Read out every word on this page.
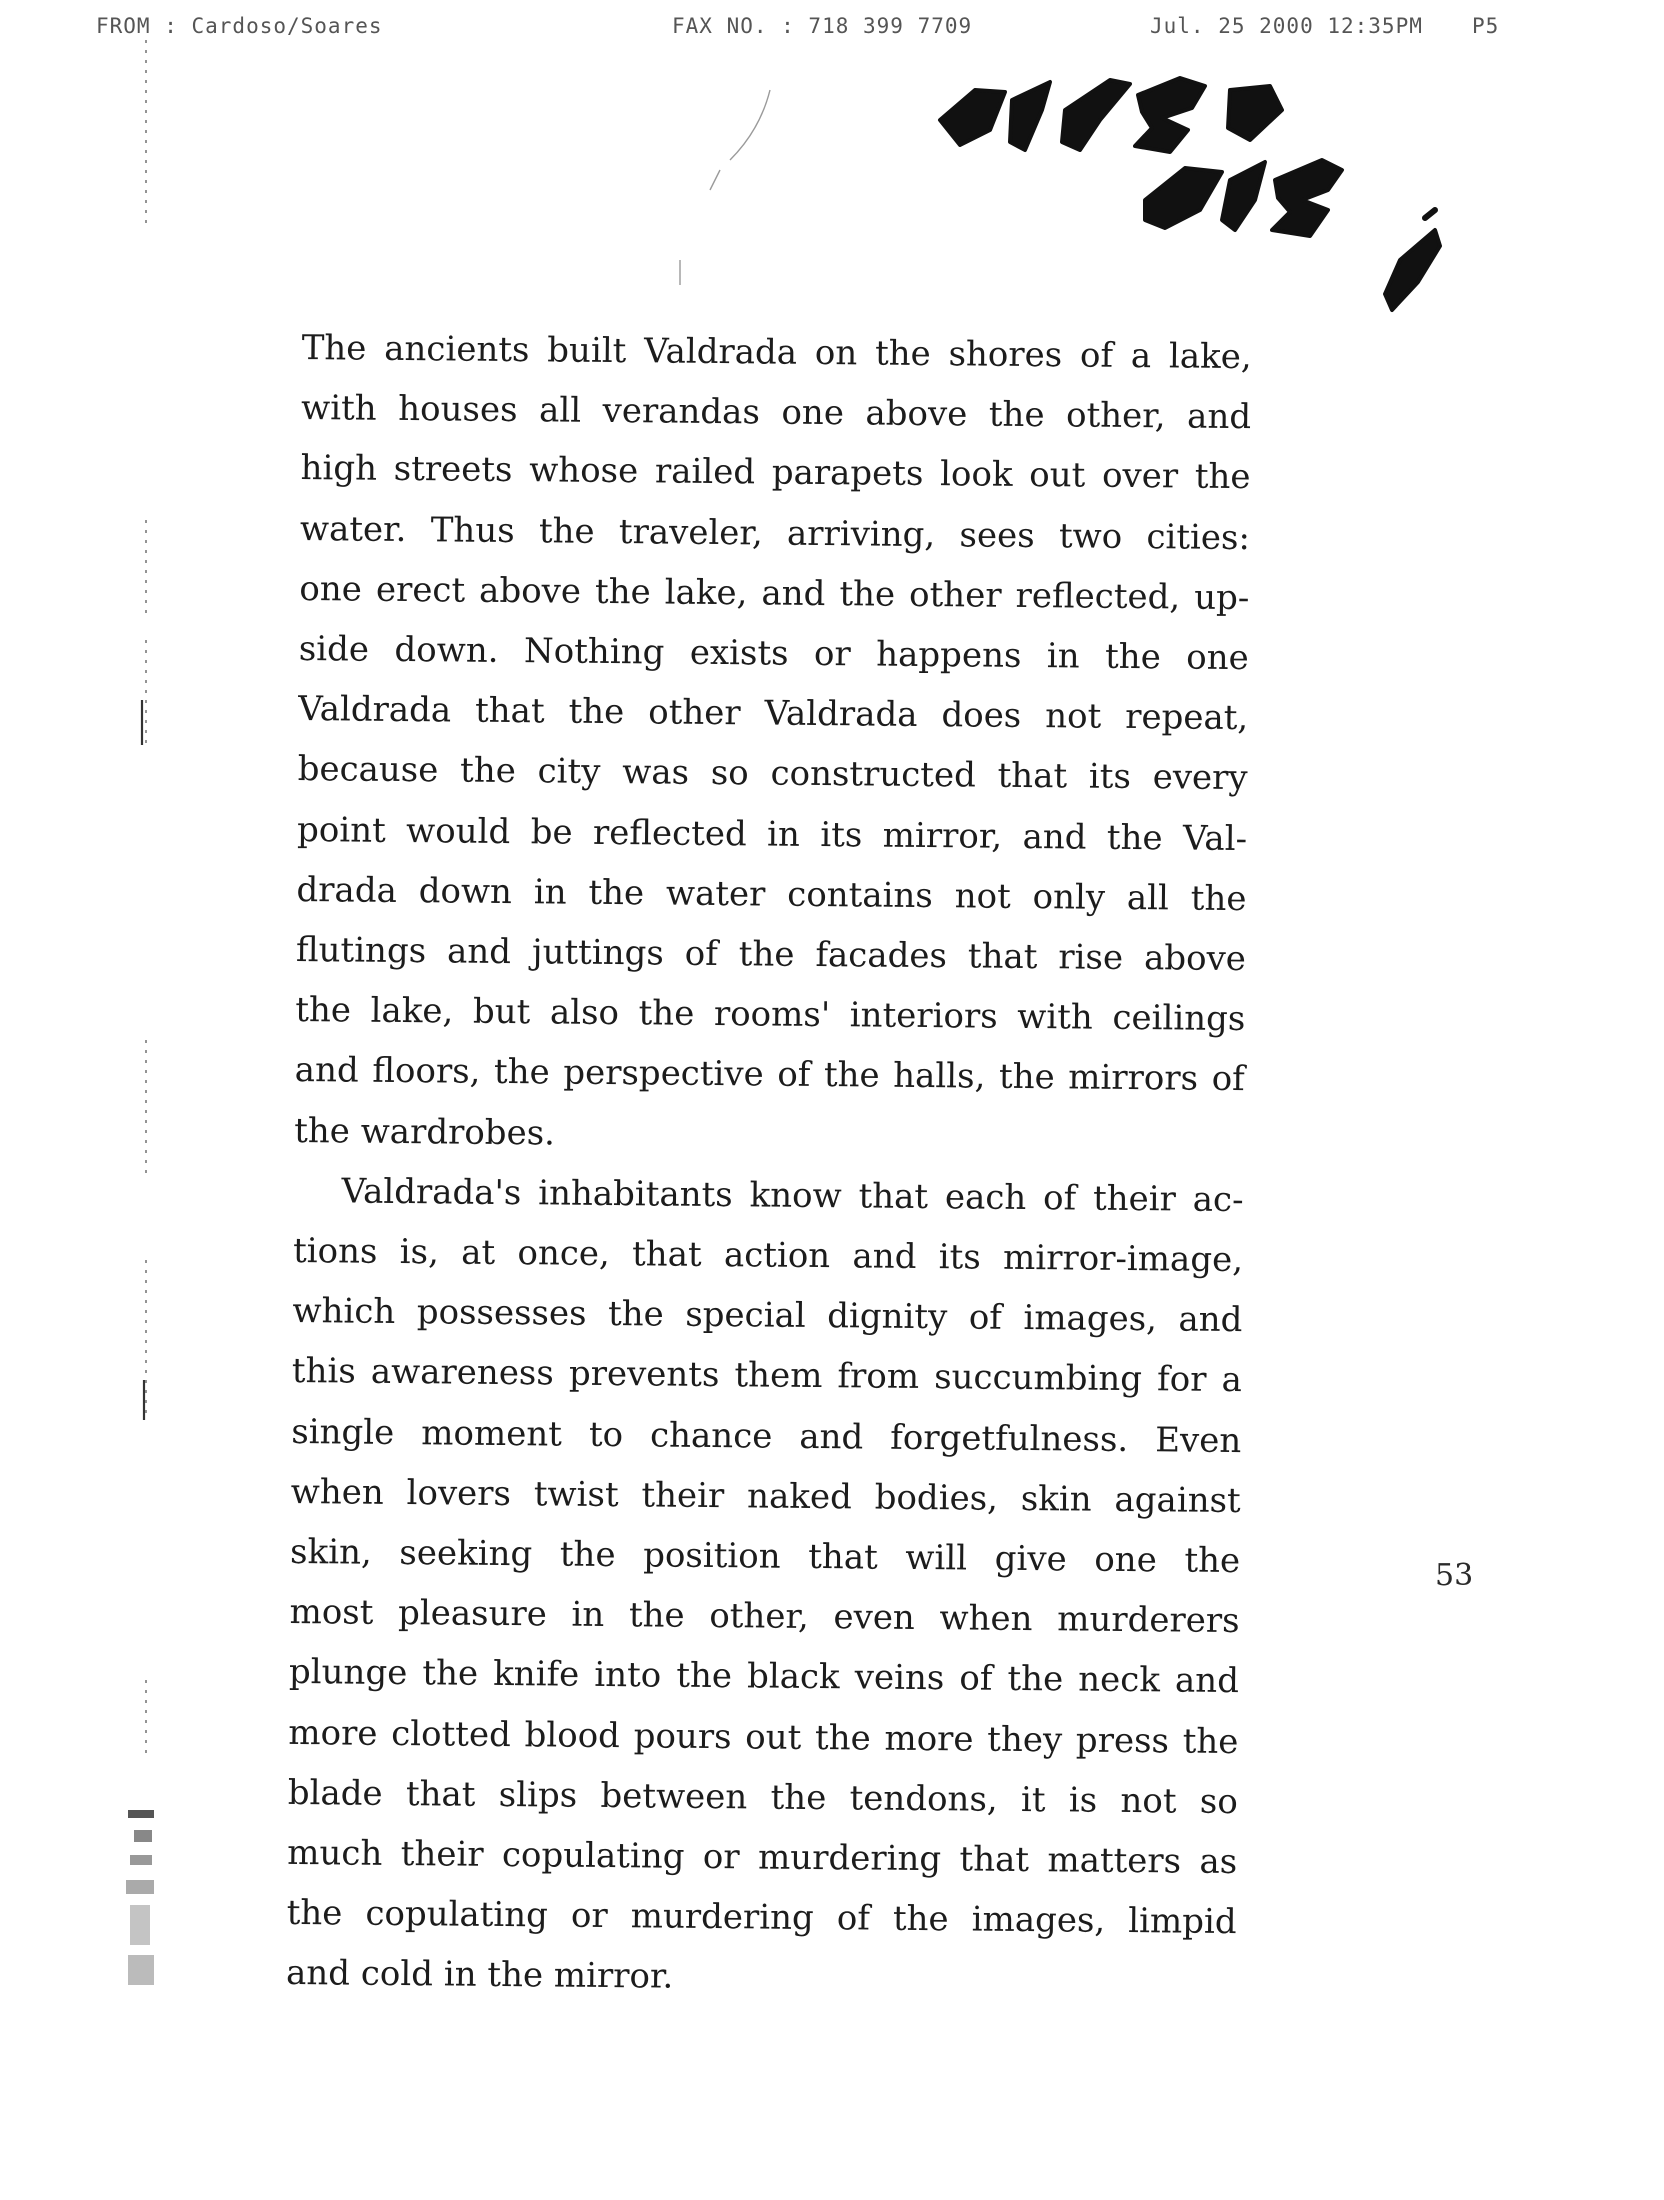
FROM : Cardoso/Soares	FAX NO. : 718 399 7709	Jul. 25 2000 12:35PM P5

The ancients built Valdrada on the shores of a lake,
with houses all verandas one above the other, and
high streets whose railed parapets look out over the
water. Thus the traveler, arriving, sees two cities:
one erect above the lake, and the other reflected, up-
side down. Nothing exists or happens in the one
Valdrada that the other Valdrada does not repeat,
because the city was so constructed that its every
point would be reflected in its mirror, and the Val-
drada down in the water contains not only all the
flutings and juttings of the facades that rise above
the lake, but also the rooms' interiors with ceilings
and floors, the perspective of the halls, the mirrors of
the wardrobes.

Valdrada's inhabitants know that each of their ac-
tions is, at once, that action and its mirror-image,
which possesses the special dignity of images, and
this awareness prevents them from succumbing for a
single moment to chance and forgetfulness. Even
when lovers twist their naked bodies, skin against
skin, seeking the position that will give one the
most pleasure in the other, even when murderers
plunge the knife into the black veins of the neck and
more clotted blood pours out the more they press the
blade that slips between the tendons, it is not so
much their copulating or murdering that matters as
the copulating or murdering of the images, limpid
and cold in the mirror.

53
